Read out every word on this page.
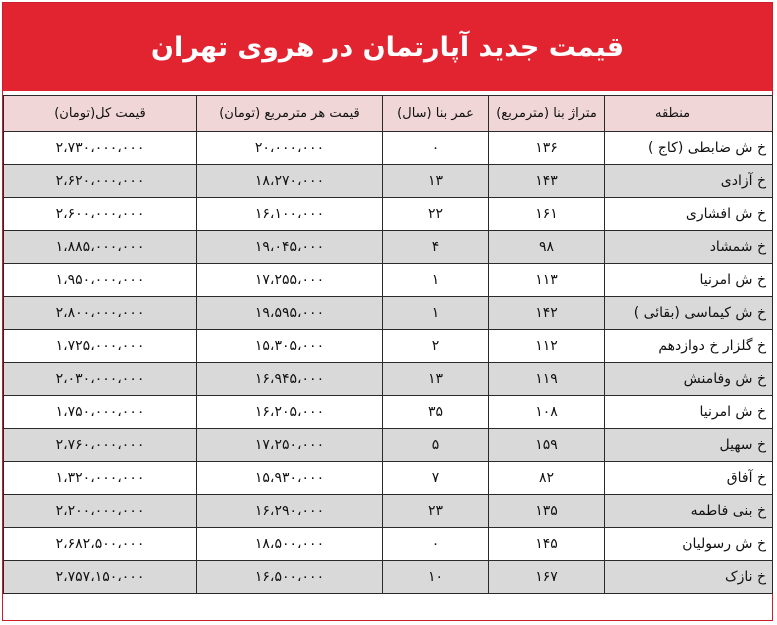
قیمت جدید آپارتمان در هروی تهران
منطقه	متراژ بنا (مترمربع)	عمر بنا (سال)	قیمت هر مترمربع (تومان)	قیمت کل(تومان)
خ ش ضابطی (کاج )	۱۳۶	۰	۲۰،۰۰۰،۰۰۰	۲،۷۳۰،۰۰۰،۰۰۰
خ آزادی	۱۴۳	۱۳	۱۸،۲۷۰،۰۰۰	۲،۶۲۰،۰۰۰،۰۰۰
خ ش افشاری	۱۶۱	۲۲	۱۶،۱۰۰،۰۰۰	۲،۶۰۰،۰۰۰،۰۰۰
خ شمشاد	۹۸	۴	۱۹،۰۴۵،۰۰۰	۱،۸۸۵،۰۰۰،۰۰۰
خ ش امرنیا	۱۱۳	۱	۱۷،۲۵۵،۰۰۰	۱،۹۵۰،۰۰۰،۰۰۰
خ ش کیماسی (بقائی )	۱۴۲	۱	۱۹،۵۹۵،۰۰۰	۲،۸۰۰،۰۰۰،۰۰۰
خ گلزار خ دوازدهم	۱۱۲	۲	۱۵،۳۰۵،۰۰۰	۱،۷۲۵،۰۰۰،۰۰۰
خ ش وفامنش	۱۱۹	۱۳	۱۶،۹۴۵،۰۰۰	۲،۰۳۰،۰۰۰،۰۰۰
خ ش امرنیا	۱۰۸	۳۵	۱۶،۲۰۵،۰۰۰	۱،۷۵۰،۰۰۰،۰۰۰
خ سهیل	۱۵۹	۵	۱۷،۲۵۰،۰۰۰	۲،۷۶۰،۰۰۰،۰۰۰
خ آفاق	۸۲	۷	۱۵،۹۳۰،۰۰۰	۱،۳۲۰،۰۰۰،۰۰۰
خ بنی فاطمه	۱۳۵	۲۳	۱۶،۲۹۰،۰۰۰	۲،۲۰۰،۰۰۰،۰۰۰
خ ش رسولیان	۱۴۵	۰	۱۸،۵۰۰،۰۰۰	۲،۶۸۲،۵۰۰،۰۰۰
خ نازک	۱۶۷	۱۰	۱۶،۵۰۰،۰۰۰	۲،۷۵۷،۱۵۰،۰۰۰
